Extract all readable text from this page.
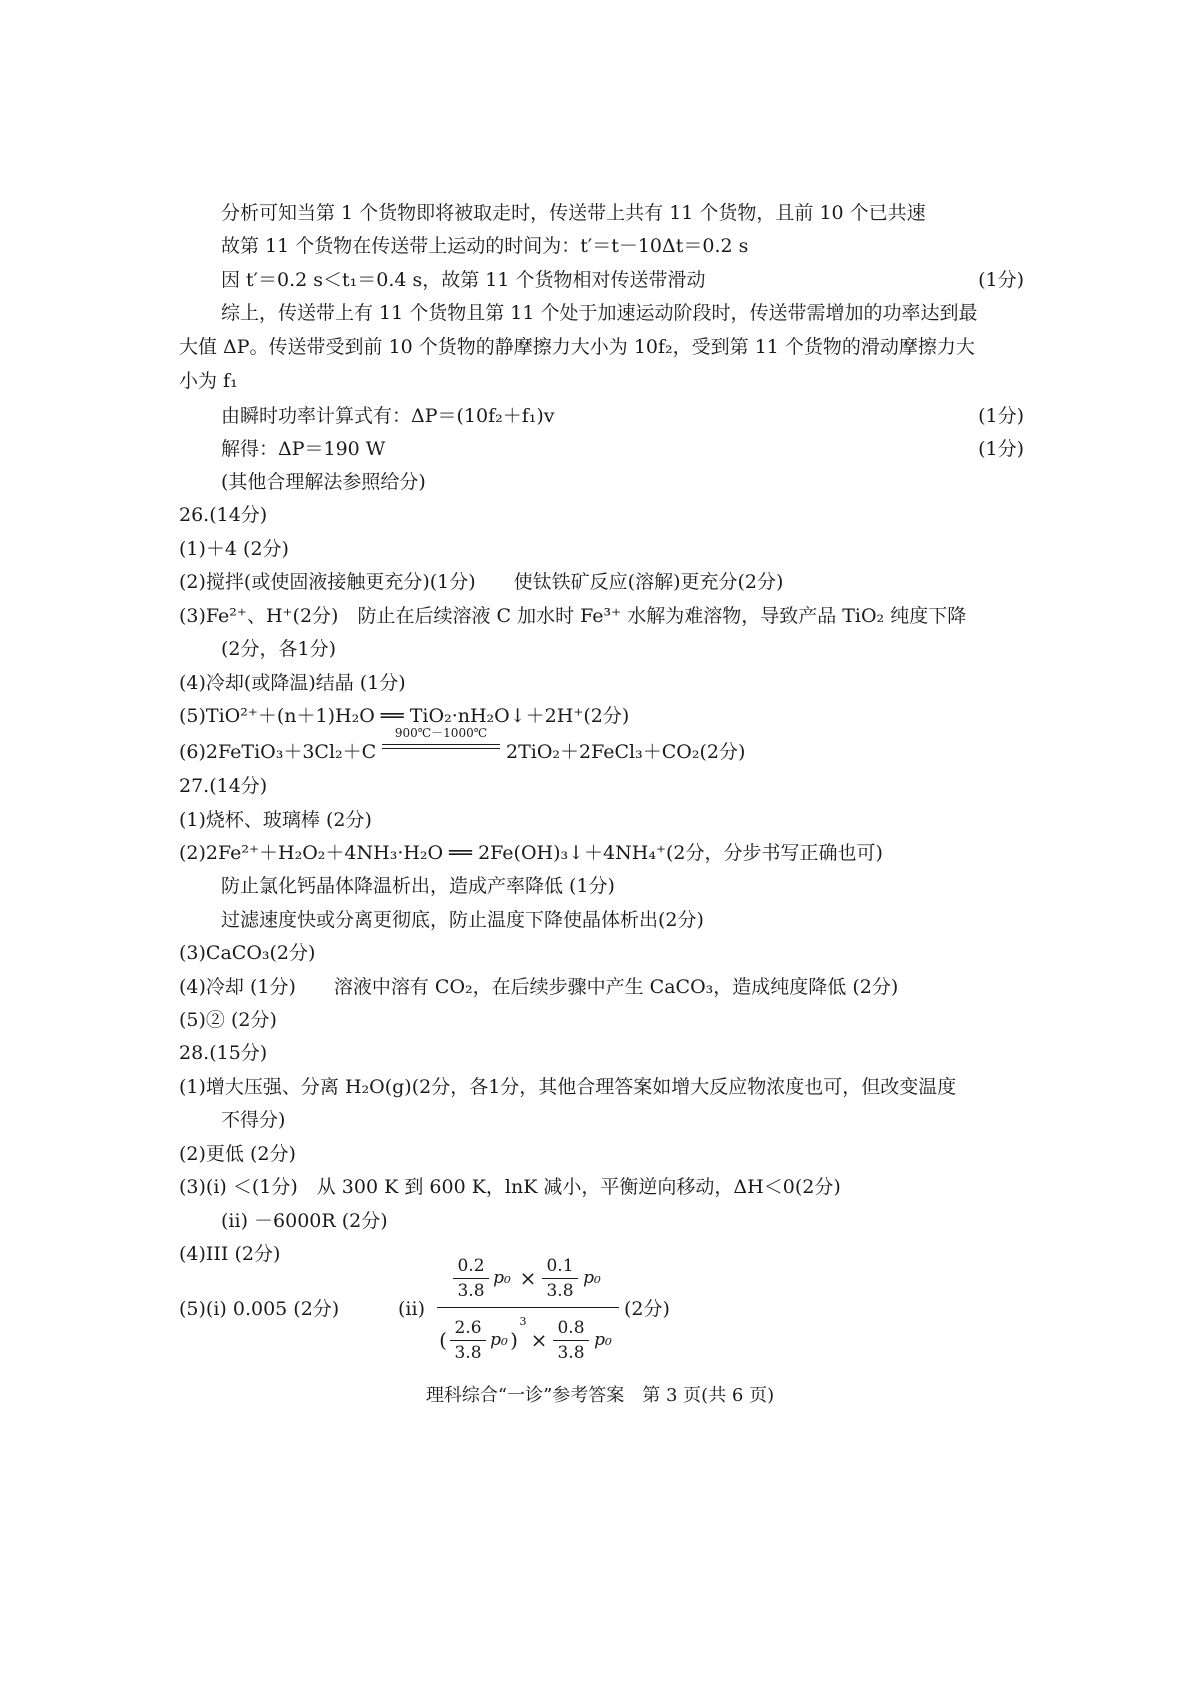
分析可知当第 1 个货物即将被取走时，传送带上共有 11 个货物，且前 10 个已共速
故第 11 个货物在传送带上运动的时间为：t′＝t－10Δt＝0.2 s
因 t′＝0.2 s＜t₁＝0.4 s，故第 11 个货物相对传送带滑动	(1分)
综上，传送带上有 11 个货物且第 11 个处于加速运动阶段时，传送带需增加的功率达到最
大值 ΔP。传送带受到前 10 个货物的静摩擦力大小为 10f₂，受到第 11 个货物的滑动摩擦力大
小为 f₁
由瞬时功率计算式有：ΔP＝(10f₂＋f₁)v	(1分)
解得：ΔP＝190 W	(1分)
(其他合理解法参照给分)
26.(14分)
(1)＋4 (2分)
(2)搅拌(或使固液接触更充分)(1分)　　使钛铁矿反应(溶解)更充分(2分)
(3)Fe²⁺、H⁺(2分)　防止在后续溶液 C 加水时 Fe³⁺ 水解为难溶物，导致产品 TiO₂ 纯度下降
(2分，各1分)
(4)冷却(或降温)结晶 (1分)
(5)TiO²⁺＋(n＋1)H₂O ══ TiO₂·nH₂O↓＋2H⁺(2分)
(6)2FeTiO₃＋3Cl₂＋C
900℃－1000℃
2TiO₂＋2FeCl₃＋CO₂(2分)
27.(14分)
(1)烧杯、玻璃棒 (2分)
(2)2Fe²⁺＋H₂O₂＋4NH₃·H₂O ══ 2Fe(OH)₃↓＋4NH₄⁺(2分，分步书写正确也可)
防止氯化钙晶体降温析出，造成产率降低 (1分)
过滤速度快或分离更彻底，防止温度下降使晶体析出(2分)
(3)CaCO₃(2分)
(4)冷却 (1分)　　溶液中溶有 CO₂，在后续步骤中产生 CaCO₃，造成纯度降低 (2分)
(5)② (2分)
28.(15分)
(1)增大压强、分离 H₂O(g)(2分，各1分，其他合理答案如增大反应物浓度也可，但改变温度
不得分)
(2)更低 (2分)
(3)(i) ＜(1分)　从 300 K 到 600 K，lnK 减小，平衡逆向移动，ΔH＜0(2分)
(ii) －6000R (2分)
(4)III (2分)
(5)(i) 0.005 (2分)	(ii)
0.2
3.8
p₀ × 0.1
3.8
p₀
( 2.6
3.8
p₀ )
3
× 0.8
3.8
p₀
(2分)
理科综合“一诊”参考答案　第 3 页(共 6 页)
